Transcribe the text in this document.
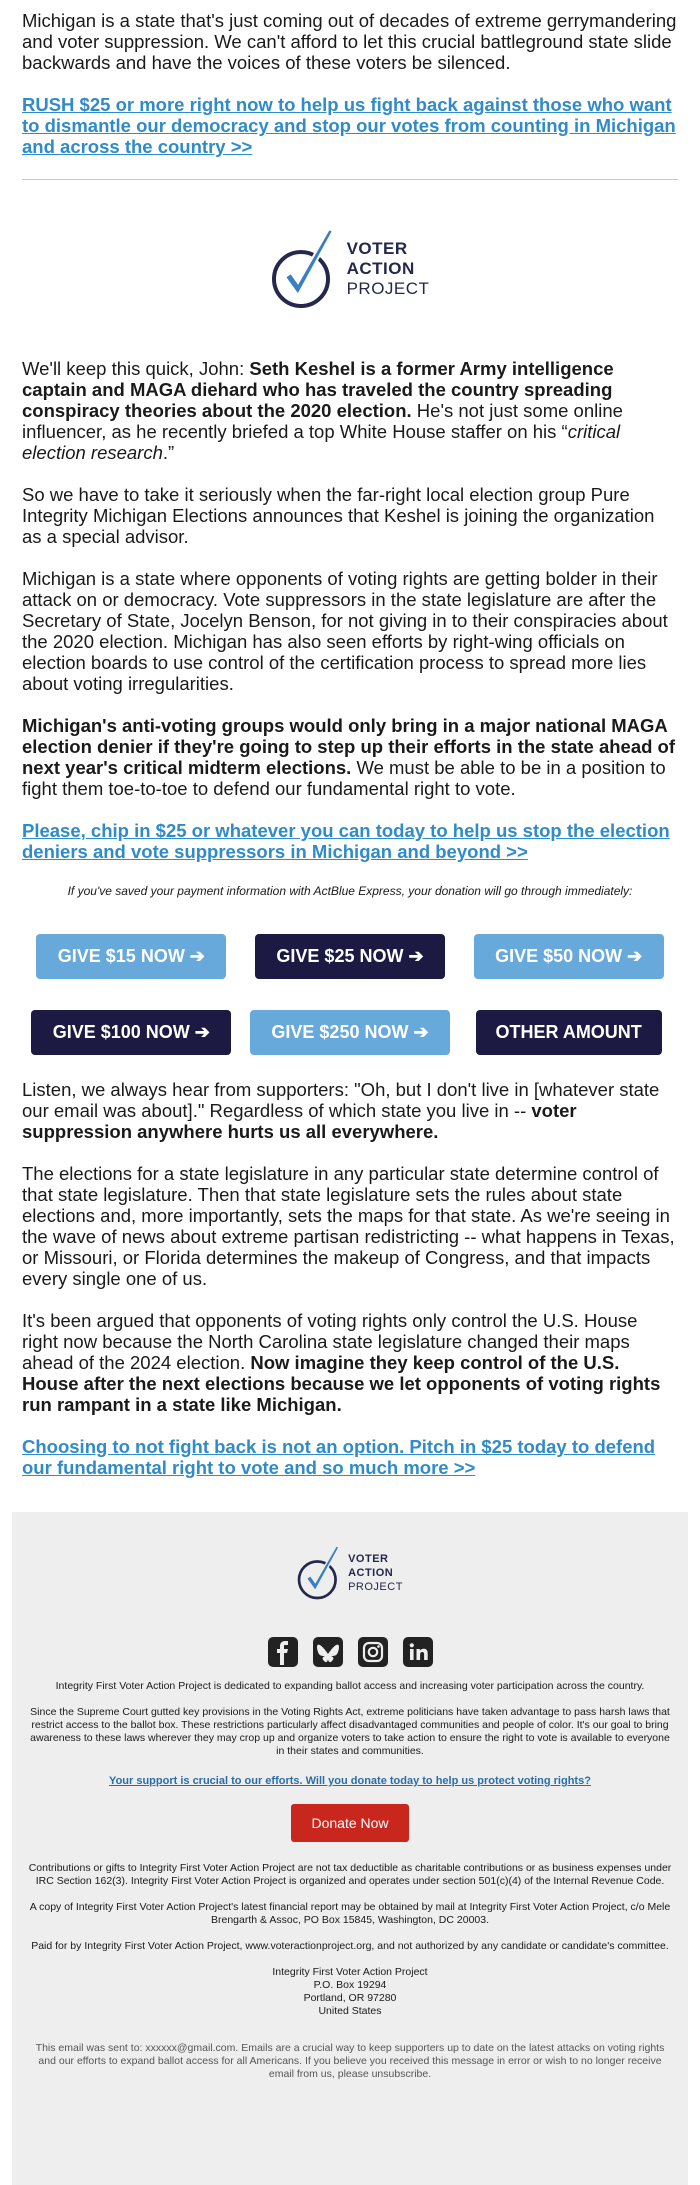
Michigan is a state that's just coming out of decades of extreme gerrymandering and voter suppression. We can't afford to let this crucial battleground state slide backwards and have the voices of these voters be silenced.

RUSH $25 or more right now to help us fight back against those who want to dismantle our democracy and stop our votes from counting in Michigan and across the country >>
VOTER
ACTION
PROJECT

We'll keep this quick, John: Seth Keshel is a former Army intelligence captain and MAGA diehard who has traveled the country spreading conspiracy theories about the 2020 election. He's not just some online influencer, as he recently briefed a top White House staffer on his “critical election research.”

So we have to take it seriously when the far-right local election group Pure Integrity Michigan Elections announces that Keshel is joining the organization as a special advisor.

Michigan is a state where opponents of voting rights are getting bolder in their attack on or democracy. Vote suppressors in the state legislature are after the Secretary of State, Jocelyn Benson, for not giving in to their conspiracies about the 2020 election. Michigan has also seen efforts by right-wing officials on election boards to use control of the certification process to spread more lies about voting irregularities.

Michigan's anti-voting groups would only bring in a major national MAGA election denier if they're going to step up their efforts in the state ahead of next year's critical midterm elections. We must be able to be in a position to fight them toe-to-toe to defend our fundamental right to vote.

Please, chip in $25 or whatever you can today to help us stop the election deniers and vote suppressors in Michigan and beyond >>

If you've saved your payment information with ActBlue Express, your donation will go through immediately:

GIVE $15 NOW ➔	GIVE $25 NOW ➔	GIVE $50 NOW ➔
GIVE $100 NOW ➔	GIVE $250 NOW ➔	OTHER AMOUNT

Listen, we always hear from supporters: "Oh, but I don't live in [whatever state our email was about]." Regardless of which state you live in -- voter suppression anywhere hurts us all everywhere.

The elections for a state legislature in any particular state determine control of that state legislature. Then that state legislature sets the rules about state elections and, more importantly, sets the maps for that state. As we're seeing in the wave of news about extreme partisan redistricting -- what happens in Texas, or Missouri, or Florida determines the makeup of Congress, and that impacts every single one of us.

It's been argued that opponents of voting rights only control the U.S. House right now because the North Carolina state legislature changed their maps ahead of the 2024 election. Now imagine they keep control of the U.S. House after the next elections because we let opponents of voting rights run rampant in a state like Michigan.

Choosing to not fight back is not an option. Pitch in $25 today to defend our fundamental right to vote and so much more >>
VOTER
ACTION
PROJECT

Integrity First Voter Action Project is dedicated to expanding ballot access and increasing voter participation across the country.

Since the Supreme Court gutted key provisions in the Voting Rights Act, extreme politicians have taken advantage to pass harsh laws that restrict access to the ballot box. These restrictions particularly affect disadvantaged communities and people of color. It's our goal to bring awareness to these laws wherever they may crop up and organize voters to take action to ensure the right to vote is available to everyone in their states and communities.

Your support is crucial to our efforts. Will you donate today to help us protect voting rights?
Donate Now

Contributions or gifts to Integrity First Voter Action Project are not tax deductible as charitable contributions or as business expenses under IRC Section 162(3). Integrity First Voter Action Project is organized and operates under section 501(c)(4) of the Internal Revenue Code.

A copy of Integrity First Voter Action Project's latest financial report may be obtained by mail at Integrity First Voter Action Project, c/o Mele Brengarth & Assoc, PO Box 15845, Washington, DC 20003.

Paid for by Integrity First Voter Action Project, www.voteractionproject.org, and not authorized by any candidate or candidate's committee.

Integrity First Voter Action Project

P.O. Box 19294

Portland, OR 97280

United States

This email was sent to: xxxxxx@gmail.com. Emails are a crucial way to keep supporters up to date on the latest attacks on voting rights and our efforts to expand ballot access for all Americans. If you believe you received this message in error or wish to no longer receive email from us, please unsubscribe.
